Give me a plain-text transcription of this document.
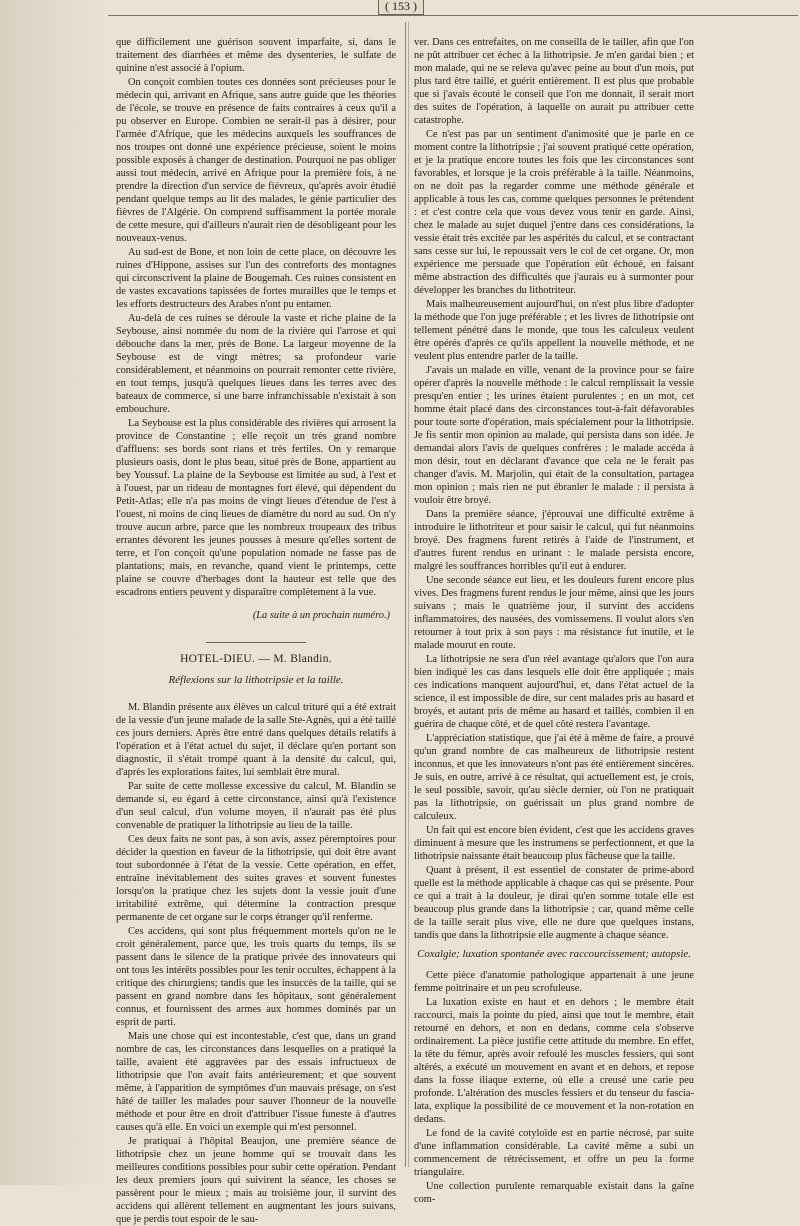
( 153 )

que difficilement une guérison souvent imparfaite, si, dans le traitement des diarrhées et même des dysenteries, le sulfate de quinine n'est associé à l'opium.

On conçoit combien toutes ces données sont précieuses pour le médecin qui, arrivant en Afrique, sans autre guide que les théories de l'école, se trouve en présence de faits contraires à ceux qu'il a pu observer en Europe. Combien ne serait-il pas à désirer, pour l'armée d'Afrique, que les médecins auxquels les souffrances de nos troupes ont donné une expérience précieuse, soient le moins possible exposés à changer de destination. Pourquoi ne pas obliger aussi tout médecin, arrivé en Afrique pour la première fois, à ne prendre la direction d'un service de fiévreux, qu'après avoir étudié pendant quelque temps au lit des malades, le génie particulier des fièvres de l'Algérie. On comprend suffisamment la portée morale de cette mesure, qui d'ailleurs n'aurait rien de désobligeant pour les nouveaux-venus.

Au sud-est de Bone, et non loin de cette place, on découvre les ruines d'Hippone, assises sur l'un des contreforts des montagnes qui circonscrivent la plaine de Bougemah. Ces ruines consistent en de vastes excavations tapissées de fortes murailles que le temps et les efforts destructeurs des Arabes n'ont pu entamer.

Au-delà de ces ruines se déroule la vaste et riche plaine de la Seybouse, ainsi nommée du nom de la rivière qui l'arrose et qui débouche dans la mer, près de Bone. La largeur moyenne de la Seybouse est de vingt mètres; sa profondeur varie considérablement, et néanmoins on pourrait remonter cette rivière, en tout temps, jusqu'à quelques lieues dans les terres avec des bateaux de commerce, si une barre infranchissable n'existait à son embouchure.

La Seybouse est la plus considérable des rivières qui arrosent la province de Constantine ; elle reçoit un très grand nombre d'affluens: ses bords sont rians et très fertiles. On y remarque plusieurs oasis, dont le plus beau, situé près de Bone, appartient au bey Youssuf. La plaine de la Seybouse est limitée au sud, à l'est et à l'ouest, par un rideau de montagnes fort élevé, qui dépendent du Petit-Atlas; elle n'a pas moins de vingt lieues d'étendue de l'est à l'ouest, ni moins de cinq lieues de diamètre du nord au sud. On n'y trouve aucun arbre, parce que les nombreux troupeaux des tribus errantes dévorent les jeunes pousses à mesure qu'elles sortent de terre, et l'on conçoit qu'une population nomade ne fasse pas de plantations; mais, en revanche, quand vient le printemps, cette plaine se couvre d'herbages dont la hauteur est telle que des escadrons entiers peuvent y disparaître complètement à la vue.

(La suite à un prochain numéro.)

HOTEL-DIEU. — M. Blandin.
Réflexions sur la lithotripsie et la taille.

M. Blandin présente aux élèves un calcul trituré qui a été extrait de la vessie d'un jeune malade de la salle Ste-Agnès, qui a été taillé ces jours derniers. Après être entré dans quelques détails relatifs à l'opération et à l'état actuel du sujet, il déclare qu'en portant son diagnostic, il s'était trompé quant à la densité du calcul, qui, d'après les explorations faites, lui semblait être mural.

Par suite de cette mollesse excessive du calcul, M. Blandin se demande si, eu égard à cette circonstance, ainsi qu'à l'existence d'un seul calcul, d'un volume moyen, il n'aurait pas été plus convenable de pratiquer la lithotripsie au lieu de la taille.

Ces deux faits ne sont pas, à son avis, assez péremptoires pour décider la question en faveur de la lithotripsie, qui doit être avant tout subordonnée à l'état de la vessie. Cette opération, en effet, entraîne inévitablement des suites graves et souvent funestes lorsqu'on la pratique chez les sujets dont la vessie jouit d'une irritabilité extrême, qui détermine la contraction presque permanente de cet organe sur le corps étranger qu'il renferme.

Ces accidens, qui sont plus fréquemment mortels qu'on ne le croit généralement, parce que, les trois quarts du temps, ils se passent dans le silence de la pratique privée des innovateurs qui ont tous les intérêts possibles pour les tenir occultes, échappent à la critique des chirurgiens; tandis que les insuccès de la taille, qui se passent en grand nombre dans les hôpitaux, sont généralement connus, et fournissent des armes aux hommes dominés par un esprit de parti.

Mais une chose qui est incontestable, c'est que, dans un grand nombre de cas, les circonstances dans lesquelles on a pratiqué la taille, avaient été aggravées par des essais infructueux de lithotripsie que l'on avait faits antérieurement; et que souvent même, à l'apparition de symptômes d'un mauvais présage, on s'est hâté de tailler les malades pour sauver l'honneur de la nouvelle méthode et pour être en droit d'attribuer l'issue funeste à d'autres causes qu'à elle. En voici un exemple qui m'est personnel.

Je pratiquai à l'hôpital Beaujon, une première séance de lithotripsie chez un jeune homme qui se trouvait dans les meilleures conditions possibles pour subir cette opération. Pendant les deux premiers jours qui suivirent la séance, les choses se passèrent pour le mieux ; mais au troisième jour, il survint des accidens qui allèrent tellement en augmentant les jours suivans, que je perdis tout espoir de le sau-

ver. Dans ces entrefaites, on me conseilla de le tailler, afin que l'on ne pût attribuer cet échec à la lithotripsie. Je m'en gardai bien ; et mon malade, qui ne se releva qu'avec peine au bout d'un mois, put plus tard être taillé, et guérit entièrement. Il est plus que probable que si j'avais écouté le conseil que l'on me donnait, il serait mort des suites de l'opération, à laquelle on aurait pu attribuer cette catastrophe.

Ce n'est pas par un sentiment d'animosité que je parle en ce moment contre la lithotripsie ; j'ai souvent pratiqué cette opération, et je la pratique encore toutes les fois que les circonstances sont favorables, et lorsque je la crois préférable à la taille. Néanmoins, on ne doit pas la regarder comme une méthode générale et applicable à tous les cas, comme quelques personnes le prétendent : et c'est contre cela que vous devez vous tenir en garde. Ainsi, chez le malade au sujet duquel j'entre dans ces considérations, la vessie était très excitée par les aspérités du calcul, et se contractant sans cesse sur lui, le repoussait vers le col de cet organe. Or, mon expérience me persuade que l'opération eût échoué, en faisant même abstraction des difficultés que j'aurais eu à surmonter pour développer les branches du lithotriteur.

Mais malheureusement aujourd'hui, on n'est plus libre d'adopter la méthode que l'on juge préférable ; et les livres de lithotripsie ont tellement pénétré dans le monde, que tous les calculeux veulent être opérés d'après ce qu'ils appellent la nouvelle méthode, et ne veulent plus entendre parler de la taille.

J'avais un malade en ville, venant de la province pour se faire opérer d'après la nouvelle méthode : le calcul remplissait la vessie presqu'en entier ; les urines étaient purulentes ; en un mot, cet homme était placé dans des circonstances tout-à-fait défavorables pour toute sorte d'opération, mais spécialement pour la lithotripsie. Je fis sentir mon opinion au malade, qui persista dans son idée. Je demandai alors l'avis de quelques confrères : le malade accéda à mon désir, tout en déclarant d'avance que cela ne le ferait pas changer d'avis. M. Marjolin, qui était de la consultation, partagea mon opinion ; mais rien ne put ébranler le malade : il persista à vouloir être broyé.

Dans la première séance, j'éprouvai une difficulté extrême à introduire le lithotriteur et pour saisir le calcul, qui fut néanmoins broyé. Des fragmens furent retirés à l'aide de l'instrument, et d'autres furent rendus en urinant : le malade persista encore, malgré les souffrances horribles qu'il eut à endurer.

Une seconde séance eut lieu, et les douleurs furent encore plus vives. Des fragmens furent rendus le jour même, ainsi que les jours suivans ; mais le quatrième jour, il survint des accidens inflammatoires, des nausées, des vomissemens. Il voulut alors s'en retourner à tout prix à son pays : ma résistance fut inutile, et le malade mourut en route.

La lithotripsie ne sera d'un réel avantage qu'alors que l'on aura bien indiqué les cas dans lesquels elle doit être appliquée ; mais ces indications manquent aujourd'hui, et, dans l'état actuel de la science, il est impossible de dire, sur cent malades pris au hasard et broyés, et autant pris de même au hasard et taillés, combien il en guérira de chaque côté, et de quel côté restera l'avantage.

L'appréciation statistique, que j'ai été à même de faire, a prouvé qu'un grand nombre de cas malheureux de lithotripsie restent inconnus, et que les innovateurs n'ont pas été entièrement sincères. Je suis, en outre, arrivé à ce résultat, qui actuellement est, je crois, le seul possible, savoir, qu'au siècle dernier, où l'on ne pratiquait pas la lithotripsie, on guérissait un plus grand nombre de calculeux.

Un fait qui est encore bien évident, c'est que les accidens graves diminuent à mesure que les instrumens se perfectionnent, et que la lithotripsie naissante était beaucoup plus fâcheuse que la taille.

Quant à présent, il est essentiel de constater de prime-abord quelle est la méthode applicable à chaque cas qui se présente. Pour ce qui a trait à la douleur, je dirai qu'en somme totale elle est beaucoup plus grande dans la lithotripsie ; car, quand même celle de la taille serait plus vive, elle ne dure que quelques instans, tandis que dans la lithotripsie elle augmente à chaque séance.

Coxalgie; luxation spontanée avec raccourcissement; autopsie.

Cette pièce d'anatomie pathologique appartenait à une jeune femme poitrinaire et un peu scrofuleuse.

La luxation existe en haut et en dehors ; le membre était raccourci, mais la pointe du pied, ainsi que tout le membre, était retourné en dehors, et non en dedans, comme cela s'observe ordinairement. La pièce justifie cette attitude du membre. En effet, la tête du fémur, après avoir refoulé les muscles fessiers, qui sont altérés, a exécuté un mouvement en avant et en dehors, et repose dans la fosse iliaque externe, où elle a creusé une carie peu profonde. L'altération des muscles fessiers et du tenseur du fascia-lata, explique la possibilité de ce mouvement et la non-rotation en dedans.

Le fond de la cavité cotyloïde est en partie nécrosé, par suite d'une inflammation considérable. La cavité même a subi un commencement de rétrécissement, et offre un peu la forme triangulaire.

Une collection purulente remarquable existait dans la gaîne com-
